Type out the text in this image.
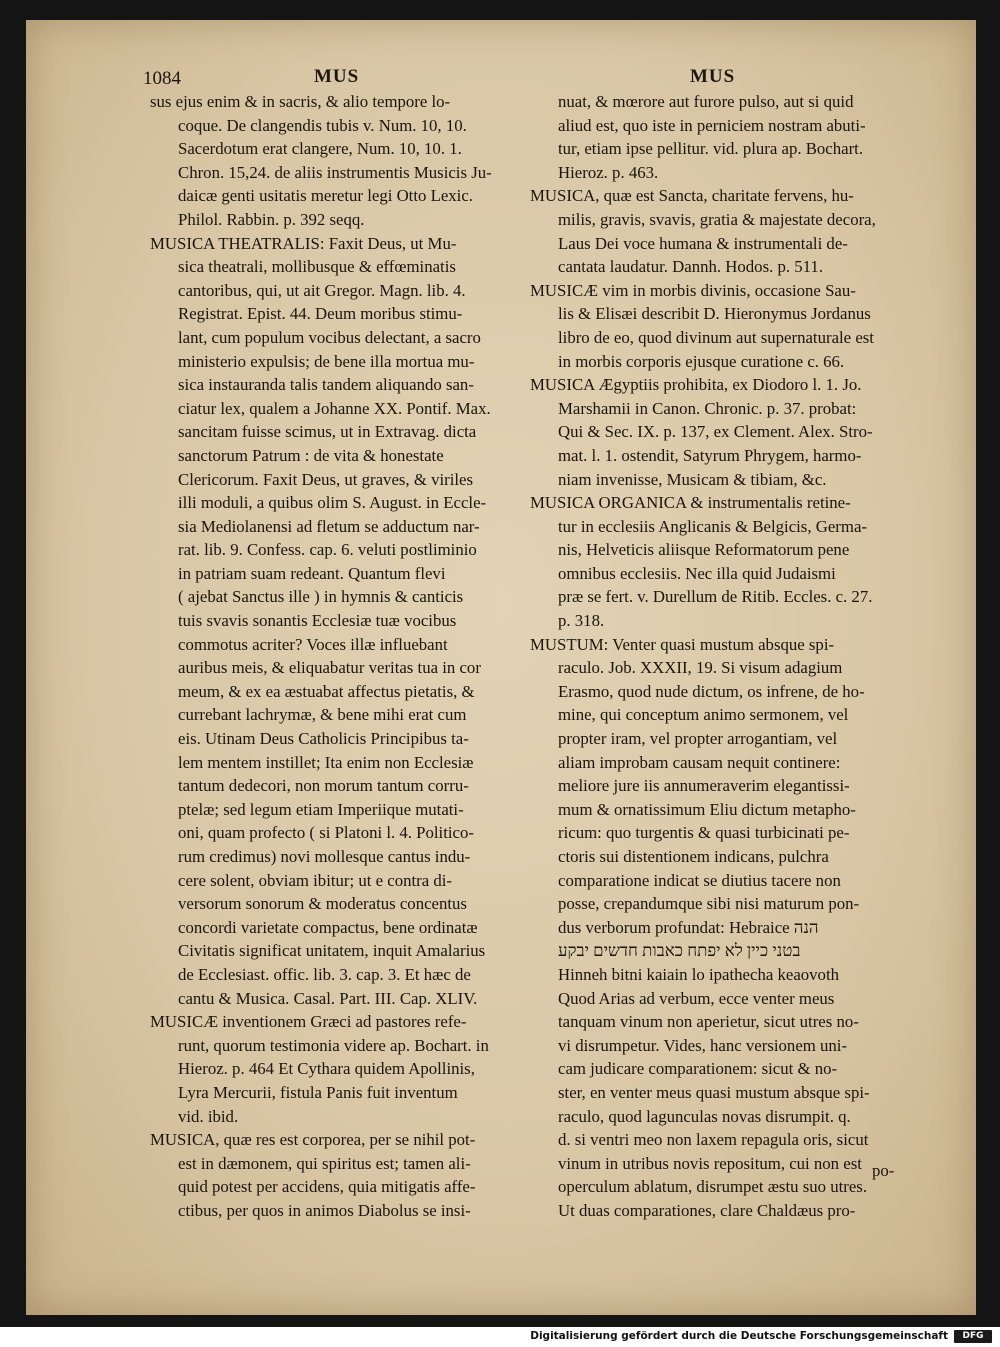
1084	MUS	MUS
sus ejus enim & in sacris, & alio tempore lo-
coque. De clangendis tubis v. Num. 10, 10.
Sacerdotum erat clangere, Num. 10, 10. 1.
Chron. 15,24. de aliis instrumentis Musicis Ju-
daicæ genti usitatis meretur legi Otto Lexic.
Philol. Rabbin. p. 392 seqq.
MUSICA THEATRALIS: Faxit Deus, ut Mu-
sica theatrali, mollibusque & effœminatis
cantoribus, qui, ut ait Gregor. Magn. lib. 4.
Registrat. Epist. 44. Deum moribus stimu-
lant, cum populum vocibus delectant, a sacro
ministerio expulsis; de bene illa mortua mu-
sica instauranda talis tandem aliquando san-
ciatur lex, qualem a Johanne XX. Pontif. Max.
sancitam fuisse scimus, ut in Extravag. dicta
sanctorum Patrum : de vita & honestate
Clericorum. Faxit Deus, ut graves, & viriles
illi moduli, a quibus olim S. August. in Eccle-
sia Mediolanensi ad fletum se adductum nar-
rat. lib. 9. Confess. cap. 6. veluti postliminio
in patriam suam redeant. Quantum flevi
( ajebat Sanctus ille ) in hymnis & canticis
tuis svavis sonantis Ecclesiæ tuæ vocibus
commotus acriter? Voces illæ influebant
auribus meis, & eliquabatur veritas tua in cor
meum, & ex ea æstuabat affectus pietatis, &
currebant lachrymæ, & bene mihi erat cum
eis. Utinam Deus Catholicis Principibus ta-
lem mentem instillet; Ita enim non Ecclesiæ
tantum dedecori, non morum tantum corru-
ptelæ; sed legum etiam Imperiique mutati-
oni, quam profecto ( si Platoni l. 4. Politico-
rum credimus) novi mollesque cantus indu-
cere solent, obviam ibitur; ut e contra di-
versorum sonorum & moderatus concentus
concordi varietate compactus, bene ordinatæ
Civitatis significat unitatem, inquit Amalarius
de Ecclesiast. offic. lib. 3. cap. 3. Et hæc de
cantu & Musica. Casal. Part. III. Cap. XLIV.
MUSICÆ inventionem Græci ad pastores refe-
runt, quorum testimonia videre ap. Bochart. in
Hieroz. p. 464 Et Cythara quidem Apollinis,
Lyra Mercurii, fistula Panis fuit inventum
vid. ibid.
MUSICA, quæ res est corporea, per se nihil pot-
est in dæmonem, qui spiritus est; tamen ali-
quid potest per accidens, quia mitigatis affe-
ctibus, per quos in animos Diabolus se insi-
nuat, & mœrore aut furore pulso, aut si quid
aliud est, quo iste in perniciem nostram abuti-
tur, etiam ipse pellitur. vid. plura ap. Bochart.
Hieroz. p. 463.
MUSICA, quæ est Sancta, charitate fervens, hu-
milis, gravis, svavis, gratia & majestate decora,
Laus Dei voce humana & instrumentali de-
cantata laudatur. Dannh. Hodos. p. 511.
MUSICÆ vim in morbis divinis, occasione Sau-
lis & Elisæi describit D. Hieronymus Jordanus
libro de eo, quod divinum aut supernaturale est
in morbis corporis ejusque curatione c. 66.
MUSICA Ægyptiis prohibita, ex Diodoro l. 1. Jo.
Marshamii in Canon. Chronic. p. 37. probat:
Qui & Sec. IX. p. 137, ex Clement. Alex. Stro-
mat. l. 1. ostendit, Satyrum Phrygem, harmo-
niam invenisse, Musicam & tibiam, &c.
MUSICA ORGANICA & instrumentalis retine-
tur in ecclesiis Anglicanis & Belgicis, Germa-
nis, Helveticis aliisque Reformatorum pene
omnibus ecclesiis. Nec illa quid Judaismi
præ se fert. v. Durellum de Ritib. Eccles. c. 27.
p. 318.
MUSTUM: Venter quasi mustum absque spi-
raculo. Job. XXXII, 19. Si visum adagium
Erasmo, quod nude dictum, os infrene, de ho-
mine, qui conceptum animo sermonem, vel
propter iram, vel propter arrogantiam, vel
aliam improbam causam nequit continere:
meliore jure iis annumeraverim elegantissi-
mum & ornatissimum Eliu dictum metapho-
ricum: quo turgentis & quasi turbicinati pe-
ctoris sui distentionem indicans, pulchra
comparatione indicat se diutius tacere non
posse, crepandumque sibi nisi maturum pon-
dus verborum profundat: Hebraice הנה
בטני כיין לא יפתח כאבות חדשים יבקע
Hinneh bitni kaiain lo ipathecha keaovoth
Quod Arias ad verbum, ecce venter meus
tanquam vinum non aperietur, sicut utres no-
vi disrumpetur. Vides, hanc versionem uni-
cam judicare comparationem: sicut & no-
ster, en venter meus quasi mustum absque spi-
raculo, quod lagunculas novas disrumpit. q.
d. si ventri meo non laxem repagula oris, sicut
vinum in utribus novis repositum, cui non est
operculum ablatum, disrumpet æstu suo utres.
Ut duas comparationes, clare Chaldæus pro-
po-
Digitalisierung gefördert durch die Deutsche Forschungsgemeinschaft	DFG
